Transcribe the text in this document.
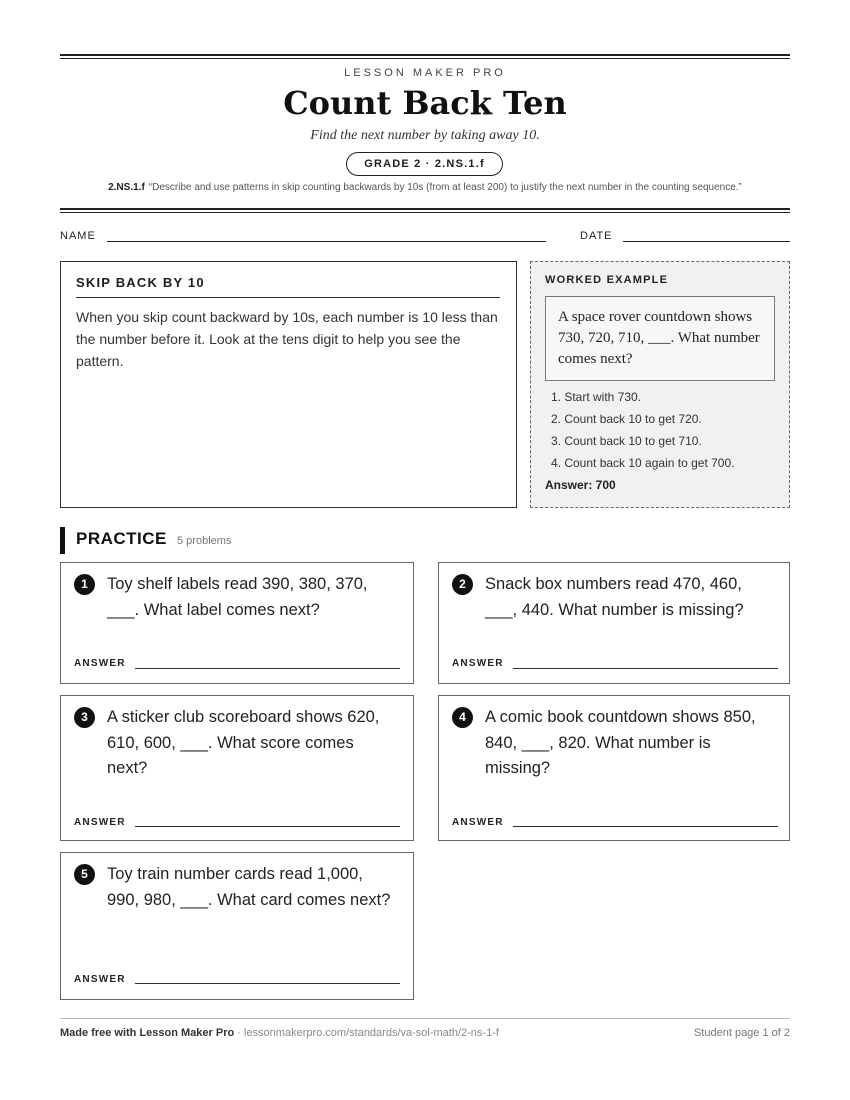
LESSON MAKER PRO
Count Back Ten
Find the next number by taking away 10.
GRADE 2 · 2.NS.1.f
2.NS.1.f “Describe and use patterns in skip counting backwards by 10s (from at least 200) to justify the next number in the counting sequence.”
NAME	DATE
SKIP BACK BY 10
When you skip count backward by 10s, each number is 10 less than the number before it. Look at the tens digit to help you see the pattern.
WORKED EXAMPLE
A space rover countdown shows 730, 720, 710, ___. What number comes next?
1. Start with 730.
2. Count back 10 to get 720.
3. Count back 10 to get 710.
4. Count back 10 again to get 700.
Answer: 700
PRACTICE 5 problems
1	Toy shelf labels read 390, 380, 370, ___. What label comes next?
ANSWER
2	Snack box numbers read 470, 460, ___, 440. What number is missing?
ANSWER
3	A sticker club scoreboard shows 620, 610, 600, ___. What score comes next?
ANSWER
4	A comic book countdown shows 850, 840, ___, 820. What number is missing?
ANSWER
5	Toy train number cards read 1,000, 990, 980, ___. What card comes next?
ANSWER
Made free with Lesson Maker Pro · lessonmakerpro.com/standards/va-sol-math/2-ns-1-f	Student page 1 of 2
